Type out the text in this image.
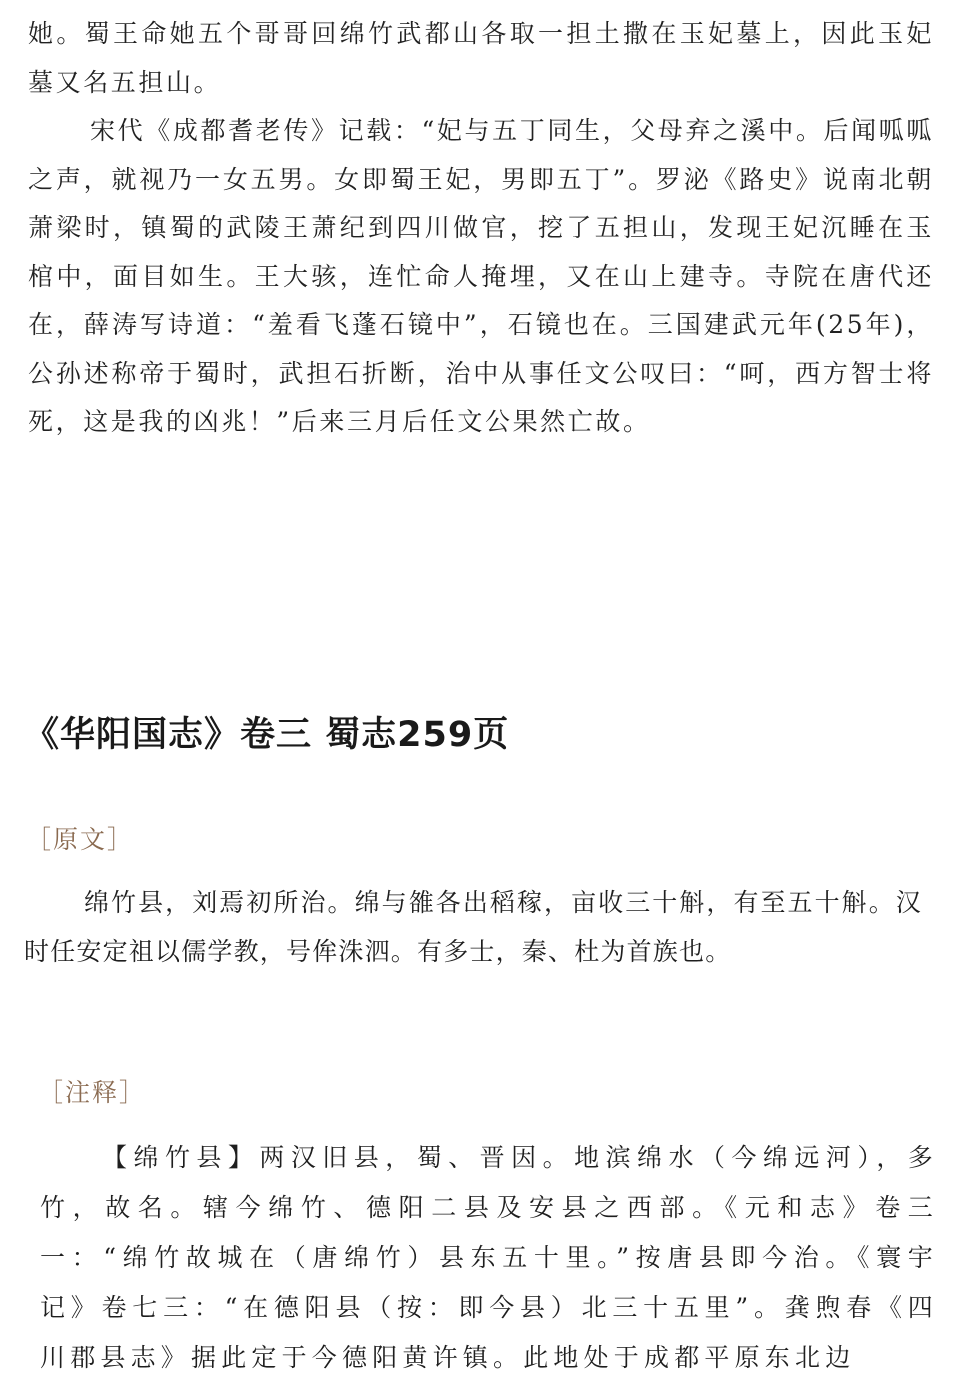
她。蜀王命她五个哥哥回绵竹武都山各取一担土撒在玉妃墓上，因此玉妃墓又名五担山。

宋代《成都耆老传》记载：“妃与五丁同生，父母弃之溪中。后闻呱呱之声，就视乃一女五男。女即蜀王妃，男即五丁”。罗泌《路史》说南北朝萧梁时，镇蜀的武陵王萧纪到四川做官，挖了五担山，发现王妃沉睡在玉棺中，面目如生。王大骇，连忙命人掩埋，又在山上建寺。寺院在唐代还在，薛涛写诗道：“羞看飞蓬石镜中”，石镜也在。三国建武元年(25年)，公孙述称帝于蜀时，武担石折断，治中从事任文公叹曰：“呵，西方智士将死，这是我的凶兆！”后来三月后任文公果然亡故。

《华阳国志》卷三 蜀志259页
［原文］

绵竹县，刘焉初所治。绵与雒各出稻稼，亩收三十斛，有至五十斛。汉时任安定祖以儒学教，号侔洙泗。有多士，秦、杜为首族也。

［注释］

【绵竹县】两汉旧县，蜀、晋因。地滨绵水（今绵远河），多竹，故名。辖今绵竹、德阳二县及安县之西部。《元和志》卷三一：“绵竹故城在（唐绵竹）县东五十里。”按唐县即今治。《寰宇记》卷七三：“在德阳县（按：即今县）北三十五里”。龚煦春《四川郡县志》据此定于今德阳黄许镇。此地处于成都平原东北边
